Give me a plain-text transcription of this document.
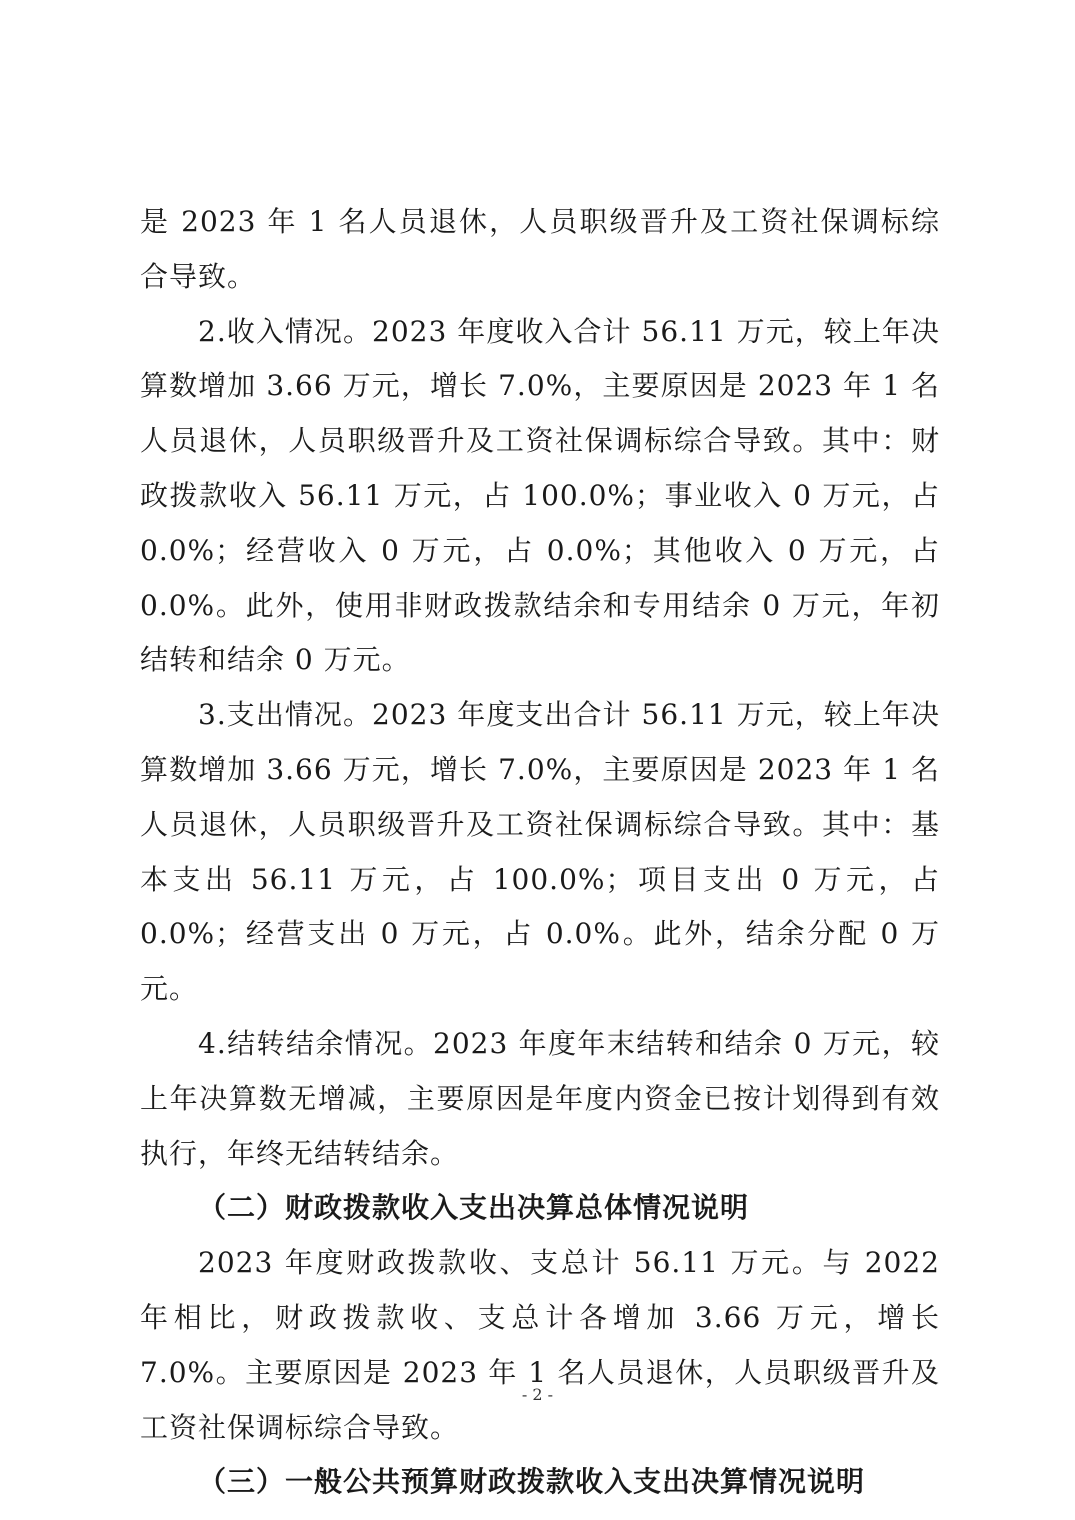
是 2023 年 1 名人员退休，人员职级晋升及工资社保调标综合导致。

2.收入情况。2023 年度收入合计 56.11 万元，较上年决算数增加 3.66 万元，增长 7.0%，主要原因是 2023 年 1 名人员退休，人员职级晋升及工资社保调标综合导致。其中：财政拨款收入 56.11 万元，占 100.0%；事业收入 0 万元，占 0.0%；经营收入 0 万元，占 0.0%；其他收入 0 万元，占 0.0%。此外，使用非财政拨款结余和专用结余 0 万元，年初结转和结余 0 万元。

3.支出情况。2023 年度支出合计 56.11 万元，较上年决算数增加 3.66 万元，增长 7.0%，主要原因是 2023 年 1 名人员退休，人员职级晋升及工资社保调标综合导致。其中：基本支出 56.11 万元，占 100.0%；项目支出 0 万元，占 0.0%；经营支出 0 万元，占 0.0%。此外，结余分配 0 万元。

4.结转结余情况。2023 年度年末结转和结余 0 万元，较上年决算数无增减，主要原因是年度内资金已按计划得到有效执行，年终无结转结余。

（二）财政拨款收入支出决算总体情况说明

2023 年度财政拨款收、支总计 56.11 万元。与 2022 年相比，财政拨款收、支总计各增加 3.66 万元，增长 7.0%。主要原因是 2023 年 1 名人员退休，人员职级晋升及工资社保调标综合导致。

（三）一般公共预算财政拨款收入支出决算情况说明

- 2 -
